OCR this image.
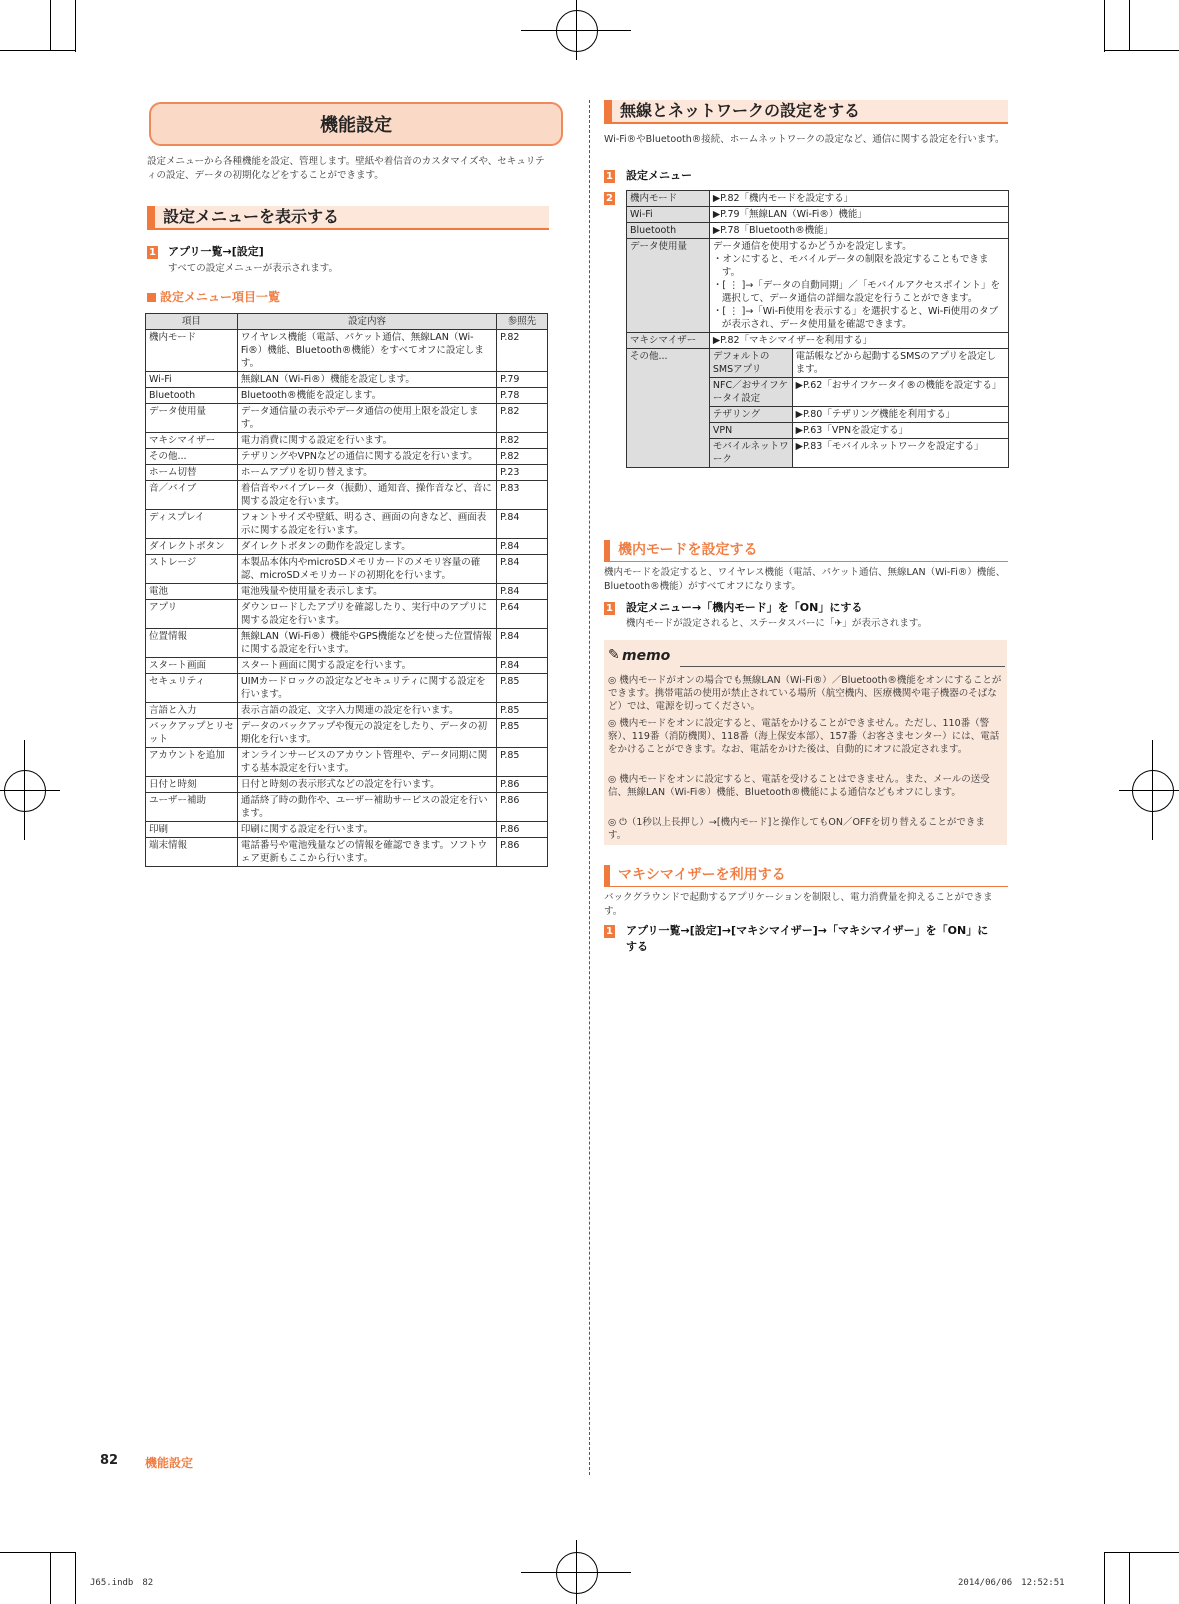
機能設定
設定メニューから各種機能を設定、管理します。壁紙や着信音のカスタマイズや、セキュリティの設定、データの初期化などをすることができます。
設定メニューを表示する
1 アプリ一覧→[設定]
すべての設定メニューが表示されます。
設定メニュー項目一覧
項目	設定内容	参照先
機内モード	ワイヤレス機能（電話、パケット通信、無線LAN（Wi-Fi®）機能、Bluetooth®機能）をすべてオフに設定します。	P.82
Wi-Fi	無線LAN（Wi-Fi®）機能を設定します。	P.79
Bluetooth	Bluetooth®機能を設定します。	P.78
データ使用量	データ通信量の表示やデータ通信の使用上限を設定します。	P.82
マキシマイザー	電力消費に関する設定を行います。	P.82
その他...	テザリングやVPNなどの通信に関する設定を行います。	P.82
ホーム切替	ホームアプリを切り替えます。	P.23
音／バイブ	着信音やバイブレータ（振動）、通知音、操作音など、音に関する設定を行います。	P.83
ディスプレイ	フォントサイズや壁紙、明るさ、画面の向きなど、画面表示に関する設定を行います。	P.84
ダイレクトボタン	ダイレクトボタンの動作を設定します。	P.84
ストレージ	本製品本体内やmicroSDメモリカードのメモリ容量の確認、microSDメモリカードの初期化を行います。	P.84
電池	電池残量や使用量を表示します。	P.84
アプリ	ダウンロードしたアプリを確認したり、実行中のアプリに関する設定を行います。	P.64
位置情報	無線LAN（Wi-Fi®）機能やGPS機能などを使った位置情報に関する設定を行います。	P.84
スタート画面	スタート画面に関する設定を行います。	P.84
セキュリティ	UIMカードロックの設定などセキュリティに関する設定を行います。	P.85
言語と入力	表示言語の設定、文字入力関連の設定を行います。	P.85
バックアップとリセット	データのバックアップや復元の設定をしたり、データの初期化を行います。	P.85
アカウントを追加	オンラインサービスのアカウント管理や、データ同期に関する基本設定を行います。	P.85
日付と時刻	日付と時刻の表示形式などの設定を行います。	P.86
ユーザー補助	通話終了時の動作や、ユーザー補助サービスの設定を行います。	P.86
印刷	印刷に関する設定を行います。	P.86
端末情報	電話番号や電池残量などの情報を確認できます。ソフトウェア更新もここから行います。	P.86
無線とネットワークの設定をする
Wi-Fi®やBluetooth®接続、ホームネットワークの設定など、通信に関する設定を行います。
1 設定メニュー
2 機内モード	▶P.82「機内モードを設定する」	
Wi-Fi	▶P.79「無線LAN（Wi-Fi®）機能」	
Bluetooth	▶P.78「Bluetooth®機能」	
データ使用量	データ通信を使用するかどうかを設定します。
・オンにすると、モバイルデータの制限を設定することもできます。
・[ ⋮ ]→「データの自動同期」／「モバイルアクセスポイント」を選択して、データ通信の詳細な設定を行うことができます。
・[ ⋮ ]→「Wi-Fi使用を表示する」を選択すると、Wi-Fi使用のタブが表示され、データ使用量を確認できます。	

マキシマイザー	▶P.82「マキシマイザーを利用する」	
その他...	デフォルトのSMSアプリ	電話帳などから起動するSMSのアプリを設定します。
	NFC／おサイフケータイ設定	▶P.62「おサイフケータイ®の機能を設定する」
	テザリング	▶P.80「テザリング機能を利用する」
	VPN	▶P.63「VPNを設定する」
	モバイルネットワーク	▶P.83「モバイルネットワークを設定する」
機内モードを設定する
機内モードを設定すると、ワイヤレス機能（電話、パケット通信、無線LAN（Wi-Fi®）機能、Bluetooth®機能）がすべてオフになります。
1 設定メニュー→「機内モード」を「ON」にする
機内モードが設定されると、ステータスバーに「✈」が表示されます。
✎ memo
◎ 機内モードがオンの場合でも無線LAN（Wi-Fi®）／Bluetooth®機能をオンにすることができます。携帯電話の使用が禁止されている場所（航空機内、医療機関や電子機器のそばなど）では、電源を切ってください。
◎ 機内モードをオンに設定すると、電話をかけることができません。ただし、110番（警察）、119番（消防機関）、118番（海上保安本部）、157番（お客さまセンター）には、電話をかけることができます。なお、電話をかけた後は、自動的にオフに設定されます。
◎ 機内モードをオンに設定すると、電話を受けることはできません。また、メールの送受信、無線LAN（Wi-Fi®）機能、Bluetooth®機能による通信などもオフにします。
◎ ⏻（1秒以上長押し）→[機内モード]と操作してもON／OFFを切り替えることができます。
マキシマイザーを利用する
バックグラウンドで起動するアプリケーションを制限し、電力消費量を抑えることができます。
1 アプリ一覧→[設定]→[マキシマイザー]→「マキシマイザー」を「ON」にする
82 機能設定
J65.indb　82	2014/06/06　12:52:51
